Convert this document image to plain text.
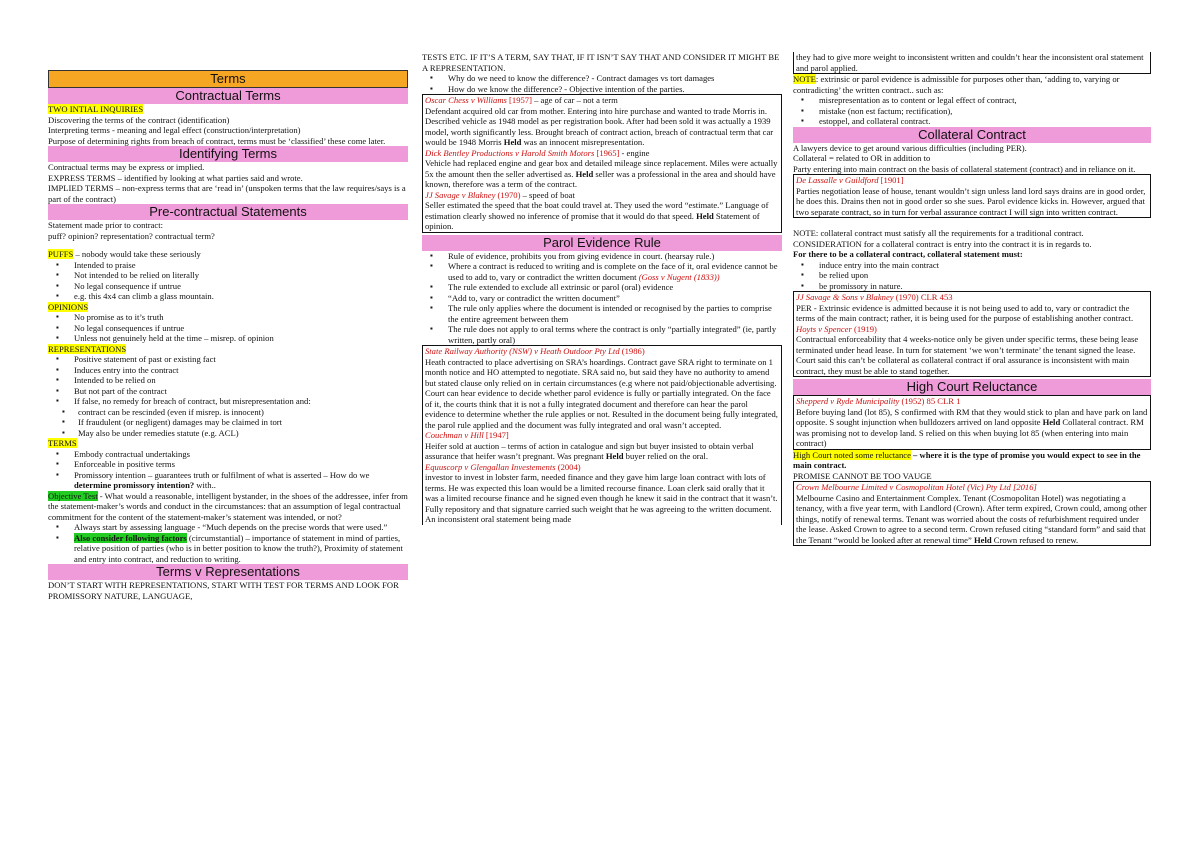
Terms

Contractual Terms

TWO INTIAL INQUIRIES

Discovering the terms of the contract (identification)

Interpreting terms - meaning and legal effect (construction/interpretation)

Purpose of determining rights from breach of contract, terms must be ‘classified’ these come later.

Identifying Terms

Contractual terms may be express or implied.

EXPRESS TERMS – identified by looking at what parties said and wrote.

IMPLIED TERMS – non-express terms that are ‘read in’ (unspoken terms that the law requires/says is a part of the contract)

Pre-contractual Statements

Statement made prior to contract:

puff? opinion? representation? contractual term?

PUFFS – nobody would take these seriously

▪ Intended to praise
▪ Not intended to be relied on literally
▪ No legal consequence if untrue
▪ e.g. this 4x4 can climb a glass mountain.

OPINIONS

▪ No promise as to it’s truth
▪ No legal consequences if untrue
▪ Unless not genuinely held at the time – misrep. of opinion

REPRESENTATIONS

▪ Positive statement of past or existing fact
▪ Induces entry into the contract
▪ Intended to be relied on
▪ But not part of the contract
▪ If false, no remedy for breach of contract, but misrepresentation and:
▪ contract can be rescinded (even if misrep. is innocent)
▪ If fraudulent (or negligent) damages may be claimed in tort
▪ May also be under remedies statute (e.g. ACL)

TERMS

▪ Embody contractual undertakings
▪ Enforceable in positive terms
▪ Promissory intention – guarantees truth or fulfilment of what is asserted – How do we determine promissory intention? with..

Objective Test - What would a reasonable, intelligent bystander, in the shoes of the addressee, infer from the statement-maker’s words and conduct in the circumstances: that an assumption of legal contractual commitment for the content of the statement-maker’s statement was intended, or not?

▪ Always start by assessing language - “Much depends on the precise words that were used.”
▪ Also consider following factors (circumstantial) – importance of statement in mind of parties, relative position of parties (who is in better position to know the truth?), Proximity of statement and entry into contract, and reduction to writing.

Terms v Representations

DON’T START WITH REPRESENTATIONS, START WITH TEST FOR TERMS AND LOOK FOR PROMISSORY NATURE, LANGUAGE,

TESTS ETC. IF IT’S A TERM, SAY THAT, IF IT ISN’T SAY THAT AND CONSIDER IT MIGHT BE A REPRESENTATION.

▪ Why do we need to know the difference? - Contract damages vs tort damages
▪ How do we know the difference? - Objective intention of the parties.

Oscar Chess v Williams [1957] – age of car – not a term

Defendant acquired old car from mother. Entering into hire purchase and wanted to trade Morris in. Described vehicle as 1948 model as per registration book. After had been sold it was actually a 1939 model, worth significantly less. Brought breach of contract action, breach of contractual term that car would be 1948 Morris Held was an innocent misrepresentation.

Dick Bentley Productions v Harold Smith Motors [1965] - engine

Vehicle had replaced engine and gear box and detailed mileage since replacement. Miles were actually 5x the amount then the seller advertised as. Held seller was a professional in the area and should have known, therefore was a term of the contract.

JJ Savage v Blakney (1970) – speed of boat

Seller estimated the speed that the boat could travel at. They used the word “estimate.” Language of estimation clearly showed no inference of promise that it would do that speed. Held Statement of opinion.

Parol Evidence Rule

▪ Rule of evidence, prohibits you from giving evidence in court. (hearsay rule.)
▪ Where a contract is reduced to writing and is complete on the face of it, oral evidence cannot be used to add to, vary or contradict the written document (Goss v Nugent (1833))
▪ The rule extended to exclude all extrinsic or parol (oral) evidence
▪ “Add to, vary or contradict the written document”
▪ The rule only applies where the document is intended or recognised by the parties to comprise the entire agreement between them
▪ The rule does not apply to oral terms where the contract is only “partially integrated” (ie, partly written, partly oral)

State Railway Authority (NSW) v Heath Outdoor Pty Ltd (1986)

Heath contracted to place advertising on SRA’s hoardings. Contract gave SRA right to terminate on 1 month notice and HO attempted to negotiate. SRA said no, but said they have no authority to amend but stated clause only relied on in certain circumstances (e.g where not paid/objectionable advertising. Court can hear evidence to decide whether parol evidence is fully or partially integrated. On the face of it, the courts think that it is not a fully integrated document and therefore can hear the parol evidence to determine whether the rule applies or not. Resulted in the document being fully integrated, the parol rule applied and the document was fully integrated and oral wasn’t accepted.

Couchman v Hill [1947]

Heifer sold at auction – terms of action in catalogue and sign but buyer insisted to obtain verbal assurance that heifer wasn’t pregnant. Was pregnant Held buyer relied on the oral.

Equuscorp v Glengallan Investements (2004)

investor to invest in lobster farm, needed finance and they gave him large loan contract with lots of terms. He was expected this loan would be a limited recourse finance. Loan clerk said orally that it was a limited recourse finance and he signed even though he knew it said in the contract that it wasn’t. Fully repository and that signature carried such weight that he was agreeing to the written document. An inconsistent oral statement being made

they had to give more weight to inconsistent written and couldn’t hear the inconsistent oral statement and parol applied.

NOTE: extrinsic or parol evidence is admissible for purposes other than, ‘adding to, varying or contradicting’ the written contract.. such as:

▪ misrepresentation as to content or legal effect of contract,
▪ mistake (non est factum; rectification),
▪ estoppel, and collateral contract.

Collateral Contract

A lawyers device to get around various difficulties (including PER).

Collateral = related to OR in addition to

Party entering into main contract on the basis of collateral statement (contract) and in reliance on it.

De Lassalle v Guildford [1901]

Parties negotiation lease of house, tenant wouldn’t sign unless land lord says drains are in good order, he does this. Drains then not in good order so she sues. Parol evidence kicks in. However, argued that two separate contract, so in turn for verbal assurance contract I will sign into written contract.

NOTE: collateral contract must satisfy all the requirements for a traditional contract. CONSIDERATION for a collateral contract is entry into the contract it is in regards to.

For there to be a collateral contract, collateral statement must:

▪ induce entry into the main contract
▪ be relied upon
▪ be promissory in nature.

JJ Savage & Sons v Blakney (1970) CLR 453

PER - Extrinsic evidence is admitted because it is not being used to add to, vary or contradict the terms of the main contract; rather, it is being used for the purpose of establishing another contract.

Hoyts v Spencer (1919)

Contractual enforceability that 4 weeks-notice only be given under specific terms, these being lease terminated under head lease. In turn for statement ‘we won’t terminate’ the tenant signed the lease. Court said this can’t be collateral as collateral contract if oral assurance is inconsistent with main contract, they must be able to stand together.

High Court Reluctance

Shepperd v Ryde Municipality (1952) 85 CLR 1

Before buying land (lot 85), S confirmed with RM that they would stick to plan and have park on land opposite. S sought injunction when bulldozers arrived on land opposite Held Collateral contract. RM was promising not to develop land. S relied on this when buying lot 85 (when entering into main contract)

High Court noted some reluctance – where it is the type of promise you would expect to see in the main contract.

PROMISE CANNOT BE TOO VAUGE

Crown Melbourne Limited v Cosmopolitan Hotel (Vic) Pty Ltd [2016]

Melbourne Casino and Entertainment Complex. Tenant (Cosmopolitan Hotel) was negotiating a tenancy, with a five year term, with Landlord (Crown). After term expired, Crown could, among other things, notify of renewal terms. Tenant was worried about the costs of refurbishment required under the lease. Asked Crown to agree to a second term. Crown refused citing “standard form” and said that the Tenant “would be looked after at renewal time” Held Crown refused to renew.
